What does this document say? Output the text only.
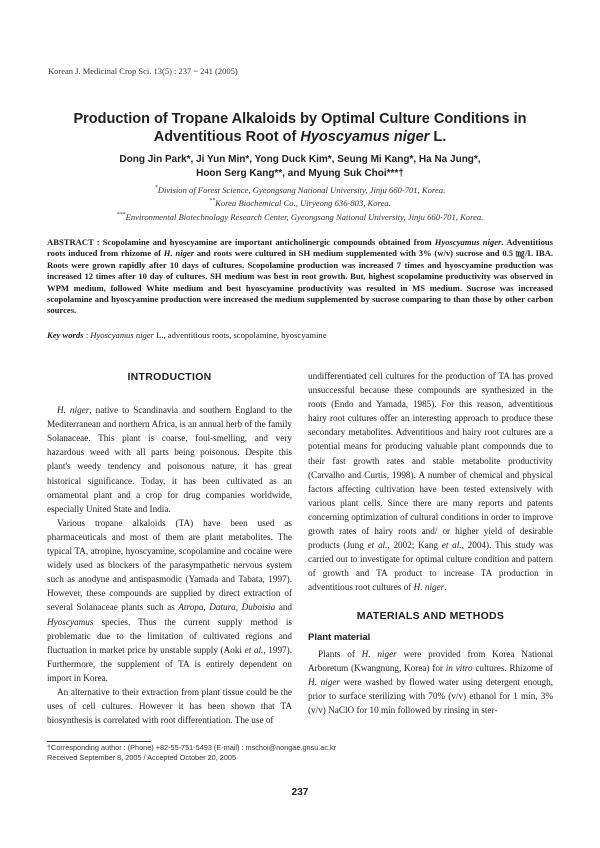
Korean J. Medicinal Crop Sci. 13(5) : 237 ~ 241 (2005)
Production of Tropane Alkaloids by Optimal Culture Conditions in
Adventitious Root of Hyoscyamus niger L.
Dong Jin Park*, Ji Yun Min*, Yong Duck Kim*, Seung Mi Kang*, Ha Na Jung*,
Hoon Serg Kang**, and Myung Suk Choi***†
*Division of Forest Science, Gyeongsang National University, Jinju 660-701, Korea.
**Korea Biochemical Co., Uiryeong 636-803, Korea.
***Environmental Biotechnology Research Center, Gyeongsang National University, Jinju 660-701, Korea.
ABSTRACT : Scopolamine and hyoscyamine are important anticholinergic compounds obtained from Hyoscyamus niger. Adventitious roots induced from rhizome of H. niger and roots were cultured in SH medium supplemented with 3% (w/v) sucrose and 0.5 ㎎/L IBA. Roots were grown rapidly after 10 days of cultures. Scopolamine production was increased 7 times and hyoscyamine production was increased 12 times after 10 day of cultures. SH medium was best in root growth. But, highest scopolamine productivity was observed in WPM medium, followed White medium and best hyoscyamine productivity was resulted in MS medium. Sucrose was increased scopolamine and hyoscyamine production were increased the medium supplemented by sucrose comparing to than those by other carbon sources.
Key words : Hyoscyamus niger L., adventitious roots, scopolamine, hyoscyamine
INTRODUCTION

H. niger, native to Scandinavia and southern England to the Mediterranean and northern Africa, is an annual herb of the family Solanaceae. This plant is coarse, foul-smelling, and very hazardous weed with all parts being poisonous. Despite this plant's weedy tendency and poisonous nature, it has great historical significance. Today, it has been cultivated as an ornamental plant and a crop for drug companies worldwide, especially United State and India.

Various tropane alkaloids (TA) have been used as pharmaceuticals and most of them are plant metabolites. The typical TA, atropine, hyoscyamine, scopolamine and cocaine were widely used as blockers of the parasympathetic nervous system such as anodyne and antispasmodic (Yamada and Tabata, 1997). However, these compounds are supplied by direct extraction of several Solanaceae plants such as Atropa, Datura, Duboisia and Hyoscyamus species. Thus the current supply method is problematic due to the limitation of cultivated regions and fluctuation in market price by unstable supply (Aoki et al., 1997). Furthermore, the supplement of TA is entirely dependent on import in Korea.

An alternative to their extraction from plant tissue could be the uses of cell cultures. However it has been shown that TA biosynthesis is correlated with root differentiation. The use of

undifferentiated cell cultures for the production of TA has proved unsuccessful because these compounds are synthesized in the roots (Endo and Yamada, 1985). For this reason, adventitious hairy root cultures offer an interesting approach to produce these secondary metabolites. Adventitious and hairy root cultures are a potential means for producing valuable plant compounds due to their fast growth rates and stable metabolite productivity (Carvalho and Curtis, 1998). A number of chemical and physical factors affecting cultivation have been tested extensively with various plant cells. Since there are many reports and patents concerning optimization of cultural conditions in order to improve growth rates of hairy roots and/ or higher yield of desirable products (Jung et al., 2002; Kang et al., 2004). This study was carried out to investigate for optimal culture condition and pattern of growth and TA product to increase TA production in adventitious root cultures of H. niger.

MATERIALS AND METHODS
Plant material

Plants of H. niger were provided from Korea National Arboretum (Kwangnung, Korea) for in vitro cultures. Rhizome of H. niger were washed by flowed water using detergent enough, prior to surface sterilizing with 70% (v/v) ethanol for 1 min, 3% (v/v) NaClO for 10 min followed by rinsing in ster-

†Corresponding author : (Phone) +82-55-751-5493 (E-mail) : mschoi@nongae.gnsu.ac.kr
Received September 8, 2005 / Accepted October 20, 2005
237
